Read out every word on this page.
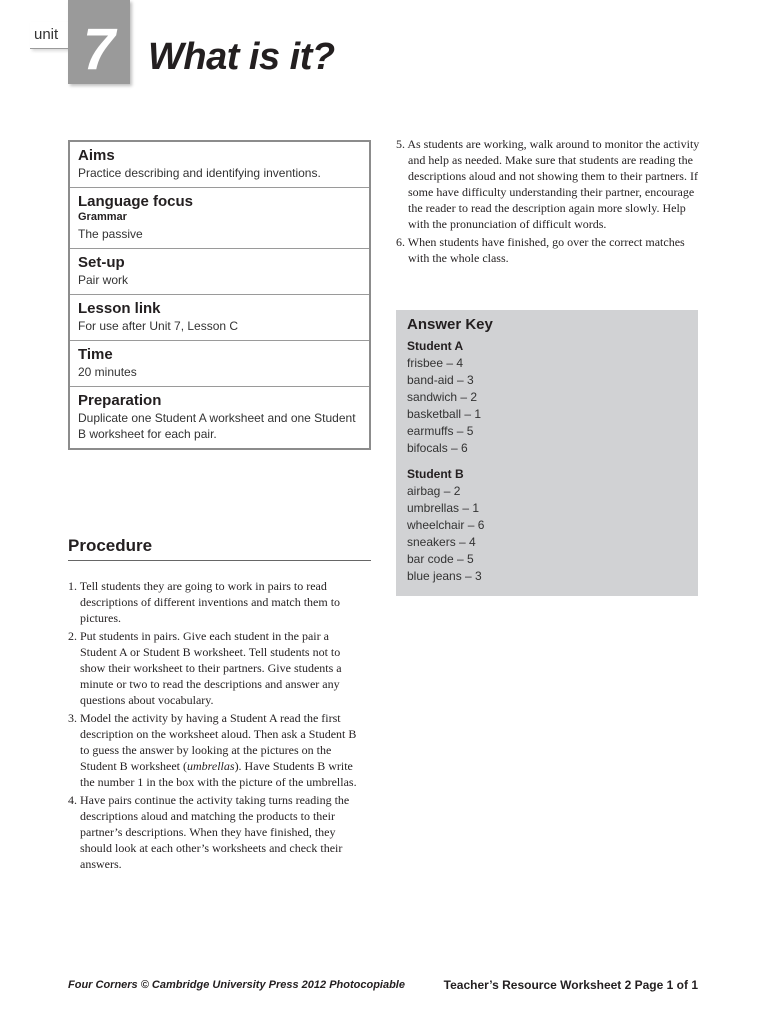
unit 7 What is it?
Aims
Practice describing and identifying inventions.
Language focus
Grammar
The passive
Set-up
Pair work
Lesson link
For use after Unit 7, Lesson C
Time
20 minutes
Preparation
Duplicate one Student A worksheet and one Student B worksheet for each pair.
Procedure
1. Tell students they are going to work in pairs to read descriptions of different inventions and match them to pictures.
2. Put students in pairs. Give each student in the pair a Student A or Student B worksheet. Tell students not to show their worksheet to their partners. Give students a minute or two to read the descriptions and answer any questions about vocabulary.
3. Model the activity by having a Student A read the first description on the worksheet aloud. Then ask a Student B to guess the answer by looking at the pictures on the Student B worksheet (umbrellas). Have Students B write the number 1 in the box with the picture of the umbrellas.
4. Have pairs continue the activity taking turns reading the descriptions aloud and matching the products to their partner’s descriptions. When they have finished, they should look at each other’s worksheets and check their answers.
5. As students are working, walk around to monitor the activity and help as needed. Make sure that students are reading the descriptions aloud and not showing them to their partners. If some have difficulty understanding their partner, encourage the reader to read the description again more slowly. Help with the pronunciation of difficult words.
6. When students have finished, go over the correct matches with the whole class.
Answer Key
Student A
frisbee – 4
band-aid – 3
sandwich – 2
basketball – 1
earmuffs – 5
bifocals – 6
Student B
airbag – 2
umbrellas – 1
wheelchair – 6
sneakers – 4
bar code – 5
blue jeans – 3
Four Corners © Cambridge University Press 2012 Photocopiable	Teacher’s Resource Worksheet 2 Page 1 of 1
